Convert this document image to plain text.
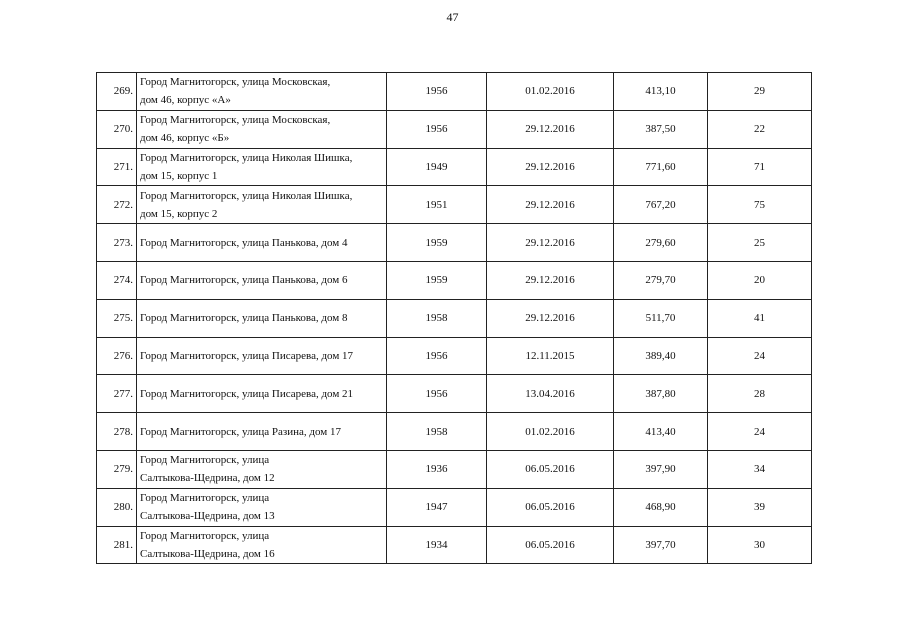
47
269.	Город Магнитогорск, улица Московская,
дом 46, корпус «А»	1956	01.02.2016	413,10	29
270.	Город Магнитогорск, улица Московская,
дом 46, корпус «Б»	1956	29.12.2016	387,50	22
271.	Город Магнитогорск, улица Николая Шишка,
дом 15, корпус 1	1949	29.12.2016	771,60	71
272.	Город Магнитогорск, улица Николая Шишка,
дом 15, корпус 2	1951	29.12.2016	767,20	75
273.	Город Магнитогорск, улица Панькова, дом 4	1959	29.12.2016	279,60	25
274.	Город Магнитогорск, улица Панькова, дом 6	1959	29.12.2016	279,70	20
275.	Город Магнитогорск, улица Панькова, дом 8	1958	29.12.2016	511,70	41
276.	Город Магнитогорск, улица Писарева, дом 17	1956	12.11.2015	389,40	24
277.	Город Магнитогорск, улица Писарева, дом 21	1956	13.04.2016	387,80	28
278.	Город Магнитогорск, улица Разина, дом 17	1958	01.02.2016	413,40	24
279.	Город Магнитогорск, улица
Салтыкова-Щедрина, дом 12	1936	06.05.2016	397,90	34
280.	Город Магнитогорск, улица
Салтыкова-Щедрина, дом 13	1947	06.05.2016	468,90	39
281.	Город Магнитогорск, улица
Салтыкова-Щедрина, дом 16	1934	06.05.2016	397,70	30
